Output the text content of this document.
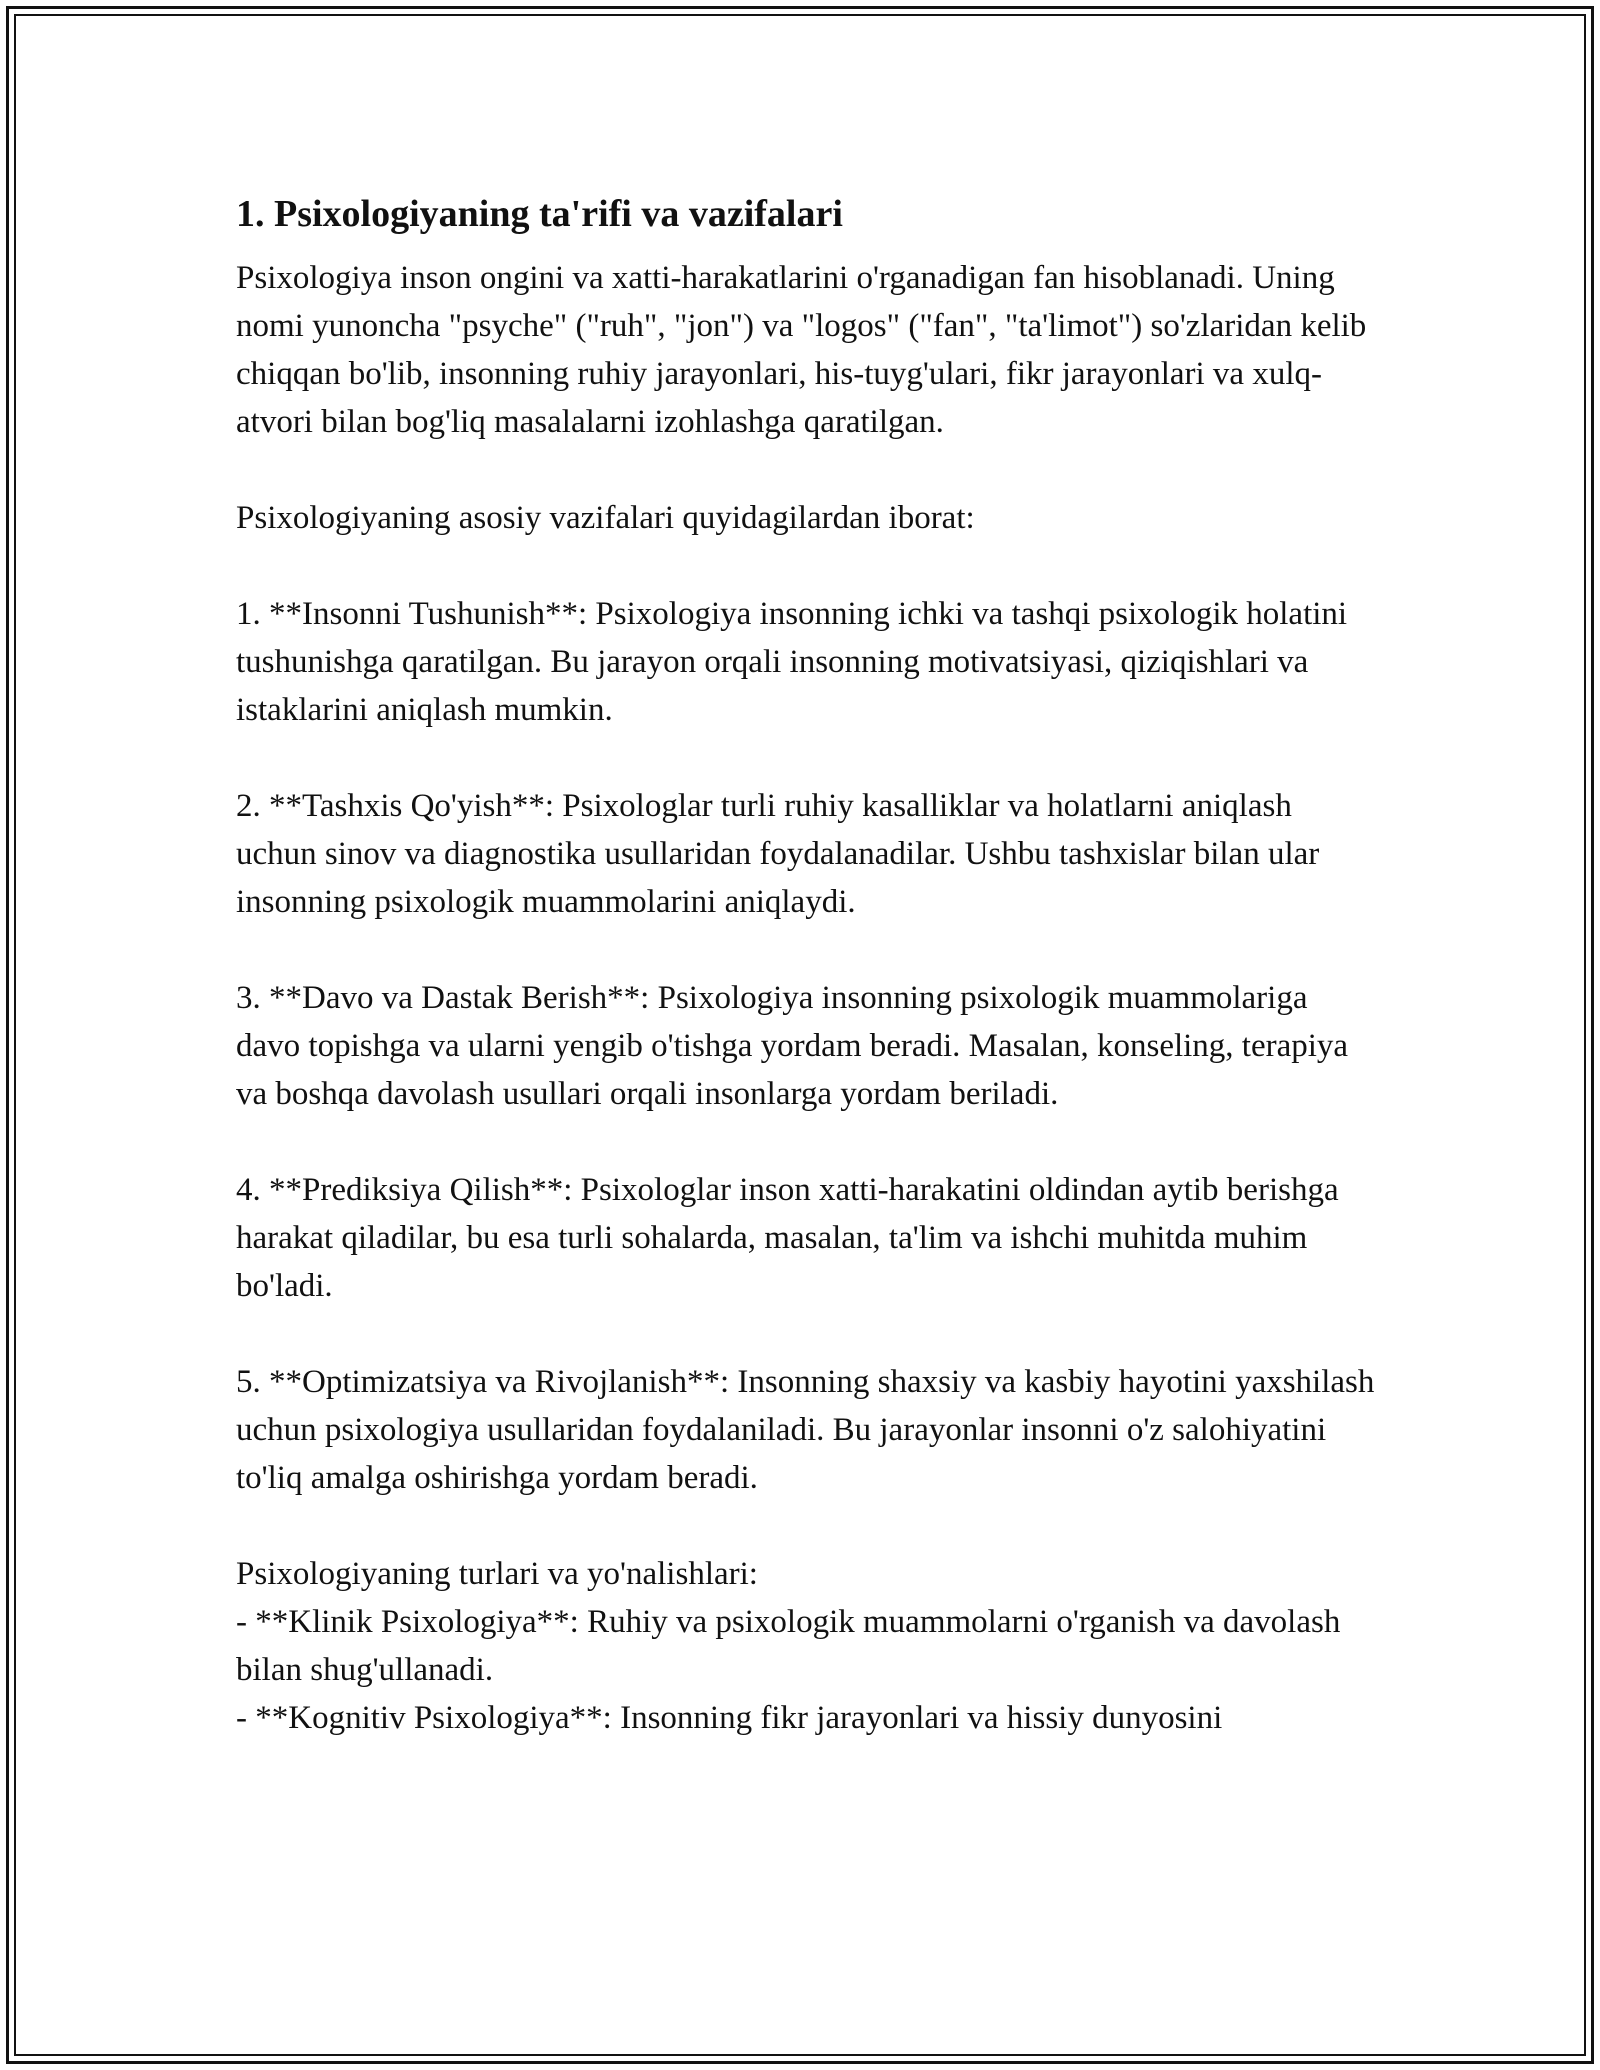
1. Psixologiyaning ta'rifi va vazifalari

Psixologiya inson ongini va xatti-harakatlarini o'rganadigan fan hisoblanadi. Uning nomi yunoncha "psyche" ("ruh", "jon") va "logos" ("fan", "ta'limot") so'zlaridan kelib chiqqan bo'lib, insonning ruhiy jarayonlari, his-tuyg'ulari, fikr jarayonlari va xulq-atvori bilan bog'liq masalalarni izohlashga qaratilgan.

Psixologiyaning asosiy vazifalari quyidagilardan iborat:

1. **Insonni Tushunish**: Psixologiya insonning ichki va tashqi psixologik holatini tushunishga qaratilgan. Bu jarayon orqali insonning motivatsiyasi, qiziqishlari va istaklarini aniqlash mumkin.

2. **Tashxis Qo'yish**: Psixologlar turli ruhiy kasalliklar va holatlarni aniqlash uchun sinov va diagnostika usullaridan foydalanadilar. Ushbu tashxislar bilan ular insonning psixologik muammolarini aniqlaydi.

3. **Davo va Dastak Berish**: Psixologiya insonning psixologik muammolariga davo topishga va ularni yengib o'tishga yordam beradi. Masalan, konseling, terapiya va boshqa davolash usullari orqali insonlarga yordam beriladi.

4. **Prediksiya Qilish**: Psixologlar inson xatti-harakatini oldindan aytib berishga harakat qiladilar, bu esa turli sohalarda, masalan, ta'lim va ishchi muhitda muhim bo'ladi.

5. **Optimizatsiya va Rivojlanish**: Insonning shaxsiy va kasbiy hayotini yaxshilash uchun psixologiya usullaridan foydalaniladi. Bu jarayonlar insonni o'z salohiyatini to'liq amalga oshirishga yordam beradi.

Psixologiyaning turlari va yo'nalishlari:

- **Klinik Psixologiya**: Ruhiy va psixologik muammolarni o'rganish va davolash bilan shug'ullanadi.

- **Kognitiv Psixologiya**: Insonning fikr jarayonlari va hissiy dunyosini
